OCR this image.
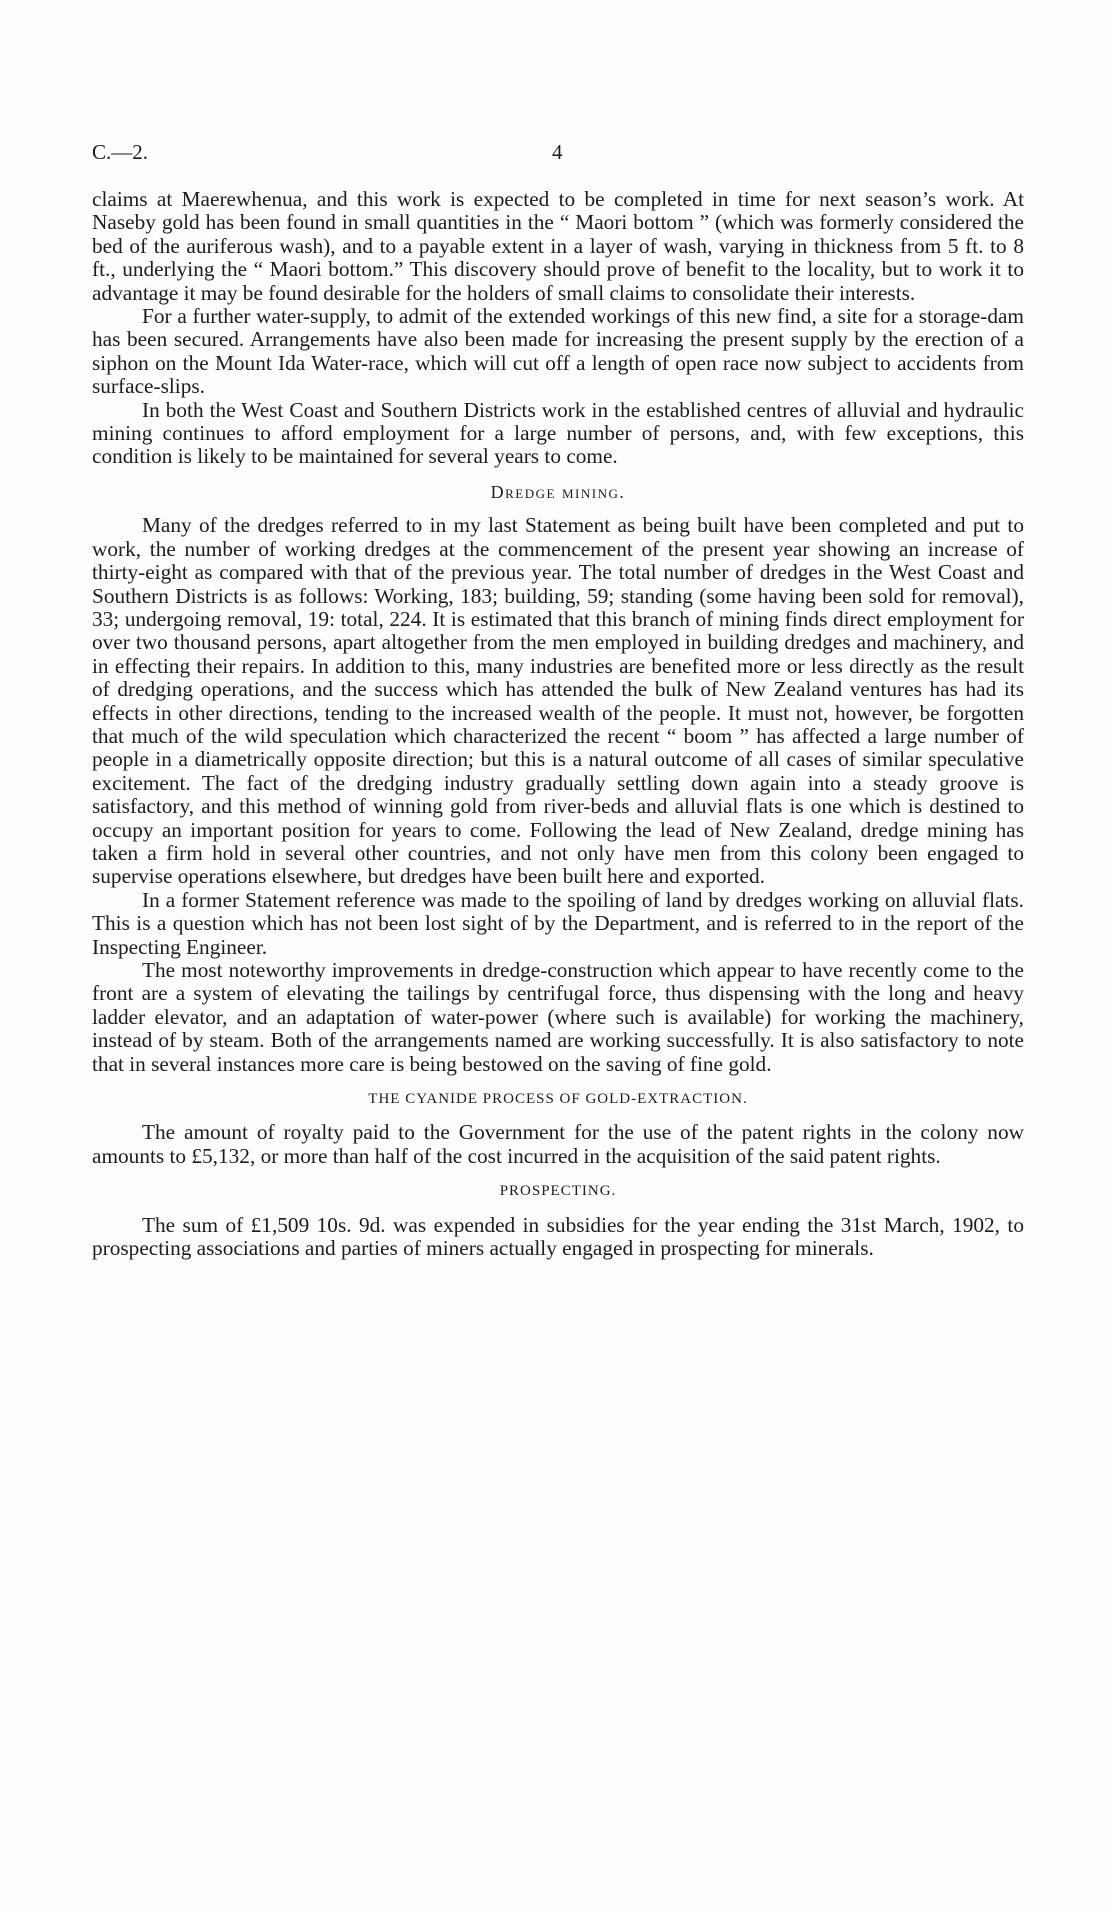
C.—2.	4

claims at Maerewhenua, and this work is expected to be completed in time for next season’s work. At Naseby gold has been found in small quantities in the “ Maori bottom ” (which was formerly considered the bed of the auriferous wash), and to a payable extent in a layer of wash, varying in thickness from 5 ft. to 8 ft., underlying the “ Maori bottom.” This discovery should prove of benefit to the locality, but to work it to advantage it may be found desirable for the holders of small claims to consolidate their interests.

For a further water-supply, to admit of the extended workings of this new find, a site for a storage-dam has been secured. Arrangements have also been made for increasing the present supply by the erection of a siphon on the Mount Ida Water-race, which will cut off a length of open race now subject to accidents from surface-slips.

In both the West Coast and Southern Districts work in the established centres of alluvial and hydraulic mining continues to afford employment for a large number of persons, and, with few exceptions, this condition is likely to be maintained for several years to come.

Dredge mining.

Many of the dredges referred to in my last Statement as being built have been completed and put to work, the number of working dredges at the commencement of the present year showing an increase of thirty-eight as compared with that of the previous year. The total number of dredges in the West Coast and Southern Districts is as follows: Working, 183; building, 59; standing (some having been sold for removal), 33; undergoing removal, 19: total, 224. It is estimated that this branch of mining finds direct employment for over two thousand persons, apart altogether from the men employed in building dredges and machinery, and in effecting their repairs. In addition to this, many industries are benefited more or less directly as the result of dredging operations, and the success which has attended the bulk of New Zealand ventures has had its effects in other directions, tending to the increased wealth of the people. It must not, however, be forgotten that much of the wild speculation which characterized the recent “ boom ” has affected a large number of people in a diametrically opposite direction; but this is a natural outcome of all cases of similar speculative excitement. The fact of the dredging industry gradually settling down again into a steady groove is satisfactory, and this method of winning gold from river-beds and alluvial flats is one which is destined to occupy an important position for years to come. Following the lead of New Zealand, dredge mining has taken a firm hold in several other countries, and not only have men from this colony been engaged to supervise operations elsewhere, but dredges have been built here and exported.

In a former Statement reference was made to the spoiling of land by dredges working on alluvial flats. This is a question which has not been lost sight of by the Department, and is referred to in the report of the Inspecting Engineer.

The most noteworthy improvements in dredge-construction which appear to have recently come to the front are a system of elevating the tailings by centrifugal force, thus dispensing with the long and heavy ladder elevator, and an adaptation of water-power (where such is available) for working the machinery, instead of by steam. Both of the arrangements named are working successfully. It is also satisfactory to note that in several instances more care is being bestowed on the saving of fine gold.

THE CYANIDE PROCESS OF GOLD-EXTRACTION.

The amount of royalty paid to the Government for the use of the patent rights in the colony now amounts to £5,132, or more than half of the cost incurred in the acquisition of the said patent rights.

PROSPECTING.

The sum of £1,509 10s. 9d. was expended in subsidies for the year ending the 31st March, 1902, to prospecting associations and parties of miners actually engaged in prospecting for minerals.
